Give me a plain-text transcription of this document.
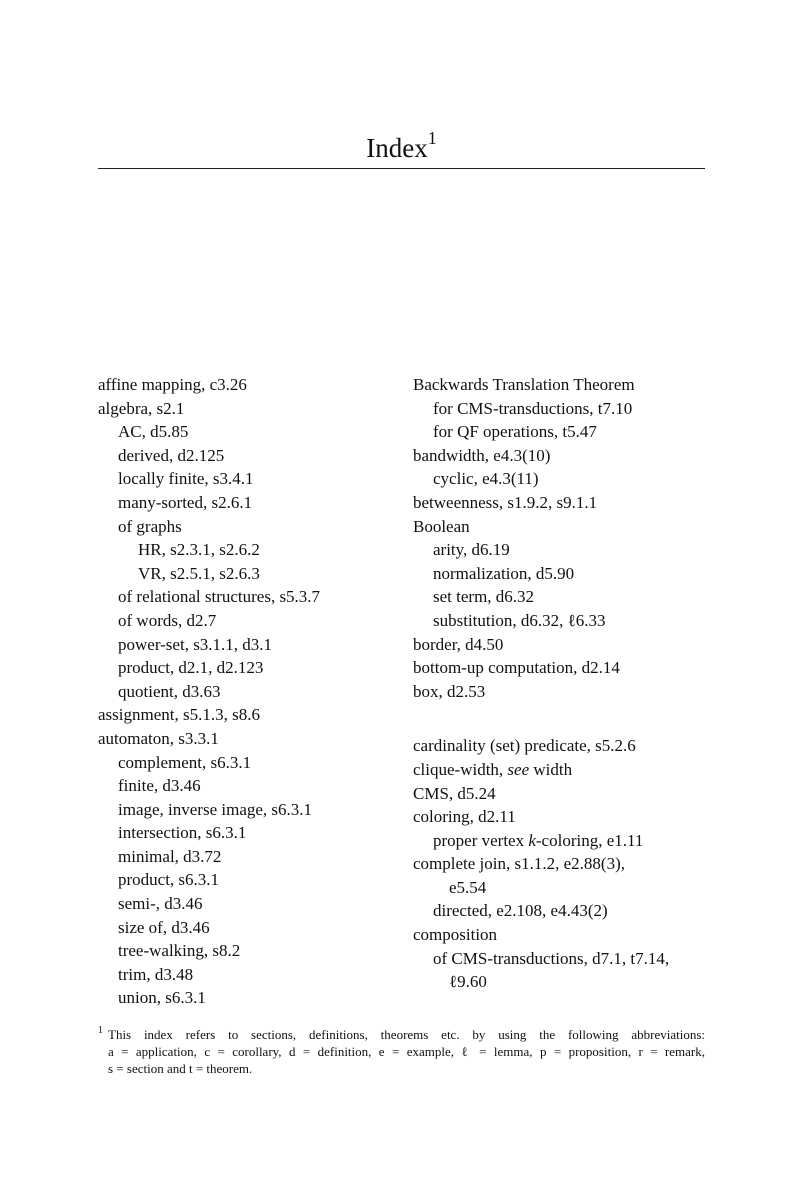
Index$^1$
affine mapping, c3.26
algebra, s2.1
AC, d5.85
derived, d2.125
locally finite, s3.4.1
many-sorted, s2.6.1
of graphs
HR, s2.3.1, s2.6.2
VR, s2.5.1, s2.6.3
of relational structures, s5.3.7
of words, d2.7
power-set, s3.1.1, d3.1
product, d2.1, d2.123
quotient, d3.63
assignment, s5.1.3, s8.6
automaton, s3.3.1
complement, s6.3.1
finite, d3.46
image, inverse image, s6.3.1
intersection, s6.3.1
minimal, d3.72
product, s6.3.1
semi-, d3.46
size of, d3.46
tree-walking, s8.2
trim, d3.48
union, s6.3.1
Backwards Translation Theorem
for CMS-transductions, t7.10
for QF operations, t5.47
bandwidth, e4.3(10)
cyclic, e4.3(11)
betweenness, s1.9.2, s9.1.1
Boolean
arity, d6.19
normalization, d5.90
set term, d6.32
substitution, d6.32, ℓ6.33
border, d4.50
bottom-up computation, d2.14
box, d2.53
cardinality (set) predicate, s5.2.6
clique-width, see width
CMS, d5.24
coloring, d2.11
proper vertex k-coloring, e1.11
complete join, s1.1.2, e2.88(3),
e5.54
directed, e2.108, e4.43(2)
composition
of CMS-transductions, d7.1, t7.14,
ℓ9.60
1 This index refers to sections, definitions, theorems etc. by using the following abbreviations:
a = application, c = corollary, d = definition, e = example, ℓ = lemma, p = proposition, r = remark,
s = section and t = theorem.
